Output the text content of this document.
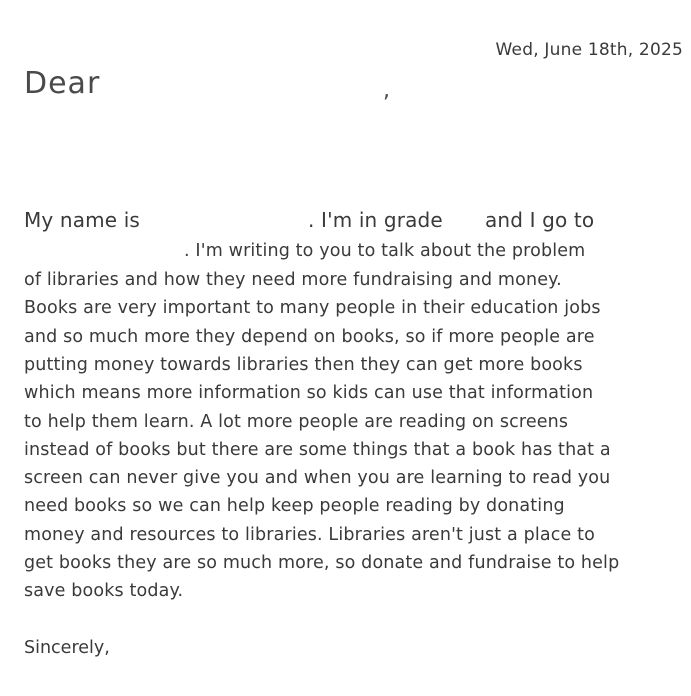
Wed, June 18th, 2025
Dear	,
My name is	. I'm in grade and I go to
. I'm writing to you to talk about the problem
of libraries and how they need more fundraising and money.
Books are very important to many people in their education jobs
and so much more they depend on books, so if more people are
putting money towards libraries then they can get more books
which means more information so kids can use that information
to help them learn. A lot more people are reading on screens
instead of books but there are some things that a book has that a
screen can never give you and when you are learning to read you
need books so we can help keep people reading by donating
money and resources to libraries. Libraries aren't just a place to
get books they are so much more, so donate and fundraise to help
save books today.
Sincerely,
